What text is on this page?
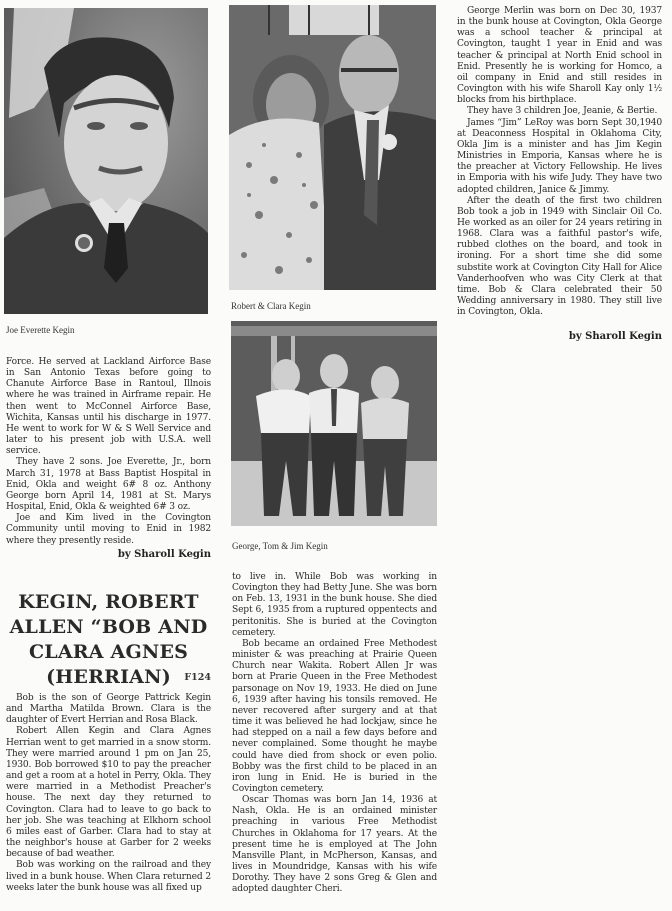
Joe Everette Kegin
Robert & Clara Kegin
George, Tom & Jim Kegin

Force. He served at Lackland Airforce Base in San Antonio Texas before going to Chanute Airforce Base in Rantoul, Illnois where he was trained in Airframe repair. He then went to McConnel Airforce Base, Wichita, Kansas until his discharge in 1977. He went to work for W & S Well Service and later to his present job with U.S.A. well service.

They have 2 sons. Joe Everette, Jr., born March 31, 1978 at Bass Baptist Hospital in Enid, Okla and weight 6# 8 oz. Anthony George born April 14, 1981 at St. Marys Hospital, Enid, Okla & weighted 6# 3 oz.

Joe and Kim lived in the Covington Community until moving to Enid in 1982 where they presently reside.

by Sharoll Kegin
KEGIN, ROBERT
ALLEN “BOB AND
CLARA AGNES
(HERRIAN)	F124

Bob is the son of George Pattrick Kegin and Martha Matilda Brown. Clara is the daughter of Evert Herrian and Rosa Black.

Robert Allen Kegin and Clara Agnes Herrian went to get married in a snow storm. They were married around 1 pm on Jan 25, 1930. Bob borrowed $10 to pay the preacher and get a room at a hotel in Perry, Okla. They were married in a Methodist Preacher's house. The next day they returned to Covington. Clara had to leave to go back to her job. She was teaching at Elkhorn school 6 miles east of Garber. Clara had to stay at the neighbor's house at Garber for 2 weeks because of bad weather.

Bob was working on the railroad and they lived in a bunk house. When Clara returned 2 weeks later the bunk house was all fixed up

to live in. While Bob was working in Covington they had Betty June. She was born on Feb. 13, 1931 in the bunk house. She died Sept 6, 1935 from a ruptured oppentects and peritonitis. She is buried at the Covington cemetery.

Bob became an ordained Free Methodest minister & was preaching at Prairie Queen Church near Wakita. Robert Allen Jr was born at Prarie Queen in the Free Methodest parsonage on Nov 19, 1933. He died on June 6, 1939 after having his tonsils removed. He never recovered after surgery and at that time it was believed he had lockjaw, since he had stepped on a nail a few days before and never complained. Some thought he maybe could have died from shock or even polio. Bobby was the first child to be placed in an iron lung in Enid. He is buried in the Covington cemetery.

Oscar Thomas was born Jan 14, 1936 at Nash, Okla. He is an ordained minister preaching in various Free Methodist Churches in Oklahoma for 17 years. At the present time he is employed at The John Mansville Plant, in McPherson, Kansas, and lives in Moundridge, Kansas with his wife Dorothy. They have 2 sons Greg & Glen and adopted daughter Cheri.

George Merlin was born on Dec 30, 1937 in the bunk house at Covington, Okla George was a school teacher & principal at Covington, taught 1 year in Enid and was teacher & principal at North Enid school in Enid. Presently he is working for Homco, a oil company in Enid and still resides in Covington with his wife Sharoll Kay only 1½ blocks from his birthplace.

They have 3 children Joe, Jeanie, & Bertie.

James “Jim” LeRoy was born Sept 30,1940 at Deaconness Hospital in Oklahoma City, Okla Jim is a minister and has Jim Kegin Ministries in Emporia, Kansas where he is the preacher at Victory Fellowship. He lives in Emporia with his wife Judy. They have two adopted children, Janice & Jimmy.

After the death of the first two children Bob took a job in 1949 with Sinclair Oil Co. He worked as an oiler for 24 years retiring in 1968. Clara was a faithful pastor's wife, rubbed clothes on the board, and took in ironing. For a short time she did some substite work at Covington City Hall for Alice Vanderhoofven who was City Clerk at that time. Bob & Clara celebrated their 50 Wedding anniversary in 1980. They still live in Covington, Okla.

by Sharoll Kegin
